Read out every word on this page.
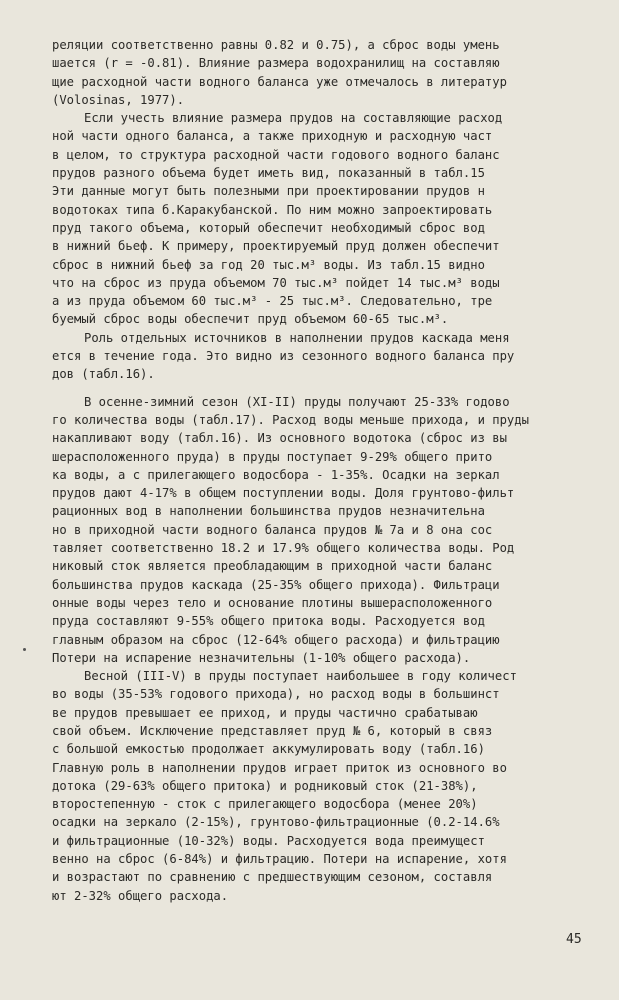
реляции соответственно равны 0.82 и 0.75), а сброс воды умень
шается (r = -0.81). Влияние размера водохранилищ на составляю
щие расходной части водного баланса уже отмечалось в литератур
(Volosinas, 1977).
Если учесть влияние размера прудов на составляющие расход
ной части одного баланса, а также приходную и расходную част
в целом, то структура расходной части годового водного баланс
прудов разного объема будет иметь вид, показанный в табл.15
Эти данные могут быть полезными при проектировании прудов н
водотоках типа б.Каракубанской. По ним можно запроектировать
пруд такого объема, который обеспечит необходимый сброс вод
в нижний бьеф. К примеру, проектируемый пруд должен обеспечит
сброс в нижний бьеф за год 20 тыс.м³ воды. Из табл.15 видно
что на сброс из пруда объемом 70 тыс.м³ пойдет 14 тыс.м³ воды
а из пруда объемом 60 тыс.м³ - 25 тыс.м³. Следовательно, тре
буемый сброс воды обеспечит пруд объемом 60-65 тыс.м³.
Роль отдельных источников в наполнении прудов каскада меня
ется в течение года. Это видно из сезонного водного баланса пру
дов (табл.16).
В осенне-зимний сезон (XI-II) пруды получают 25-33% годово
го количества воды (табл.17). Расход воды меньше прихода, и пруды
накапливают воду (табл.16). Из основного водотока (сброс из вы
шерасположенного пруда) в пруды поступает 9-29% общего прито
ка воды, а с прилегающего водосбора - 1-35%. Осадки на зеркал
прудов дают 4-17% в общем поступлении воды. Доля грунтово-фильт
рационных вод в наполнении большинства прудов незначительна
но в приходной части водного баланса прудов № 7а и 8 она сос
тавляет соответственно 18.2 и 17.9% общего количества воды. Род
никовый сток является преобладающим в приходной части баланс
большинства прудов каскада (25-35% общего прихода). Фильтраци
онные воды через тело и основание плотины вышерасположенного
пруда составляют 9-55% общего притока воды. Расходуется вод
главным образом на сброс (12-64% общего расхода) и фильтрацию
Потери на испарение незначительны (1-10% общего расхода).
Весной (III-V) в пруды поступает наибольшее в году количест
во воды (35-53% годового прихода), но расход воды в большинст
ве прудов превышает ее приход, и пруды частично срабатываю
свой объем. Исключение представляет пруд № 6, который в связ
с большой емкостью продолжает аккумулировать воду (табл.16)
Главную роль в наполнении прудов играет приток из основного во
дотока (29-63% общего притока) и родниковый сток (21-38%),
второстепенную - сток с прилегающего водосбора (менее 20%)
осадки на зеркало (2-15%), грунтово-фильтрационные (0.2-14.6%
и фильтрационные (10-32%) воды. Расходуется вода преимущест
венно на сброс (6-84%) и фильтрацию. Потери на испарение, хотя
и возрастают по сравнению с предшествующим сезоном, составля
ют 2-32% общего расхода.
45
